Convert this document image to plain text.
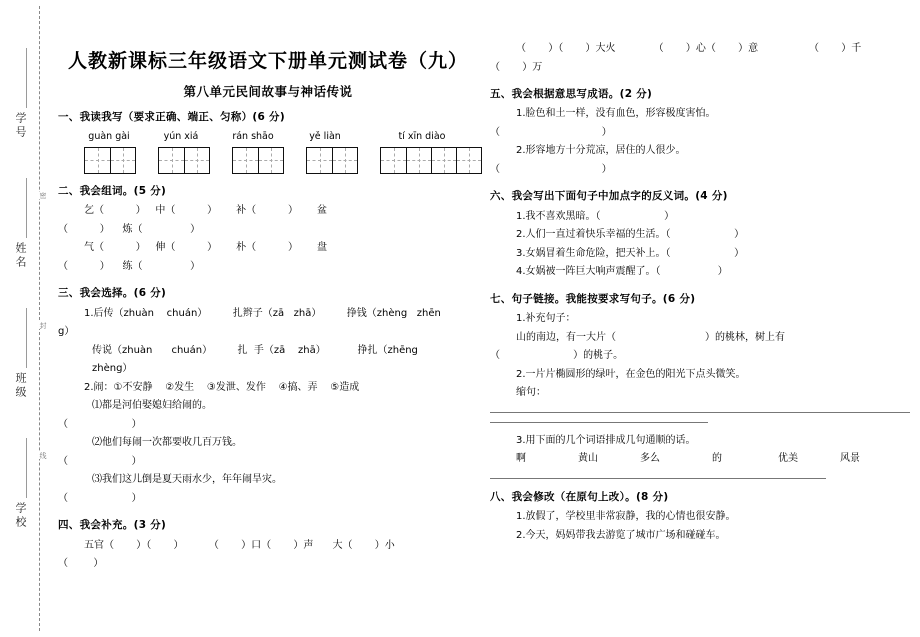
学号
密
姓名
封
班级
线
学校
人教新课标三年级语文下册单元测试卷（九）
第八单元民间故事与神话传说
一、我读我写（要求正确、端正、匀称）(6 分)
guàn gài	yún xiá	rán shāo	yě liàn	tí xīn diào
二、我会组词。(5 分)
乞（          ）   中（          ）      补（          ）      盆
（          ）    炼（               ）
气（          ）   伸（          ）      朴（          ）      盘
（          ）    练（               ）
三、我会选择。(6 分)
1.后传（zhuàn    chuán）        扎辫子（zā   zhā）        挣钱（zhèng   zhēn
g）
传说（zhuàn      chuán）        扎  手（zā    zhā）          挣扎（zhēng
zhèng）
2.闹：①不安静    ②发生    ③发泄、发作    ④搞、弄    ⑤造成
⑴都是河伯娶媳妇给闹的。
（                    ）
⑵他们每闹一次都要收几百万钱。
（                    ）
⑶我们这儿倒是夏天雨水少，年年闹旱灾。
（                    ）
四、我会补充。(3 分)
五官（       ）（       ）        （       ）口（       ）声      大（       ）小
（        ）
（       ）（       ）大火            （       ）心（       ）意                （       ）千
（       ）万
五、我会根据意思写成语。(2 分)
1.脸色和土一样，没有血色，形容极度害怕。
（                                ）
2.形容地方十分荒凉，居住的人很少。
（                                ）
六、我会写出下面句子中加点字的反义词。(4 分)
1.我不喜欢黑暗。（                    ）
2.人们一直过着快乐幸福的生活。（                    ）
3.女娲冒着生命危险，把天补上。（                    ）
4.女娲被一阵巨大响声震醒了。（                  ）
七、句子链接。我能按要求写句子。(6 分)
1.补充句子：
山的南边，有一大片（                            ）的桃林，树上有
（                       ）的桃子。
2.一片片椭圆形的绿叶，在金色的阳光下点头微笑。
缩句：
3.用下面的几个词语排成几句通顺的话。
啊	黄山	多么	的	优美	风景
八、我会修改（在原句上改）。(8 分)
1.放假了，学校里非常寂静，我的心情也很安静。
2.今天，妈妈带我去游览了城市广场和碰碰车。
